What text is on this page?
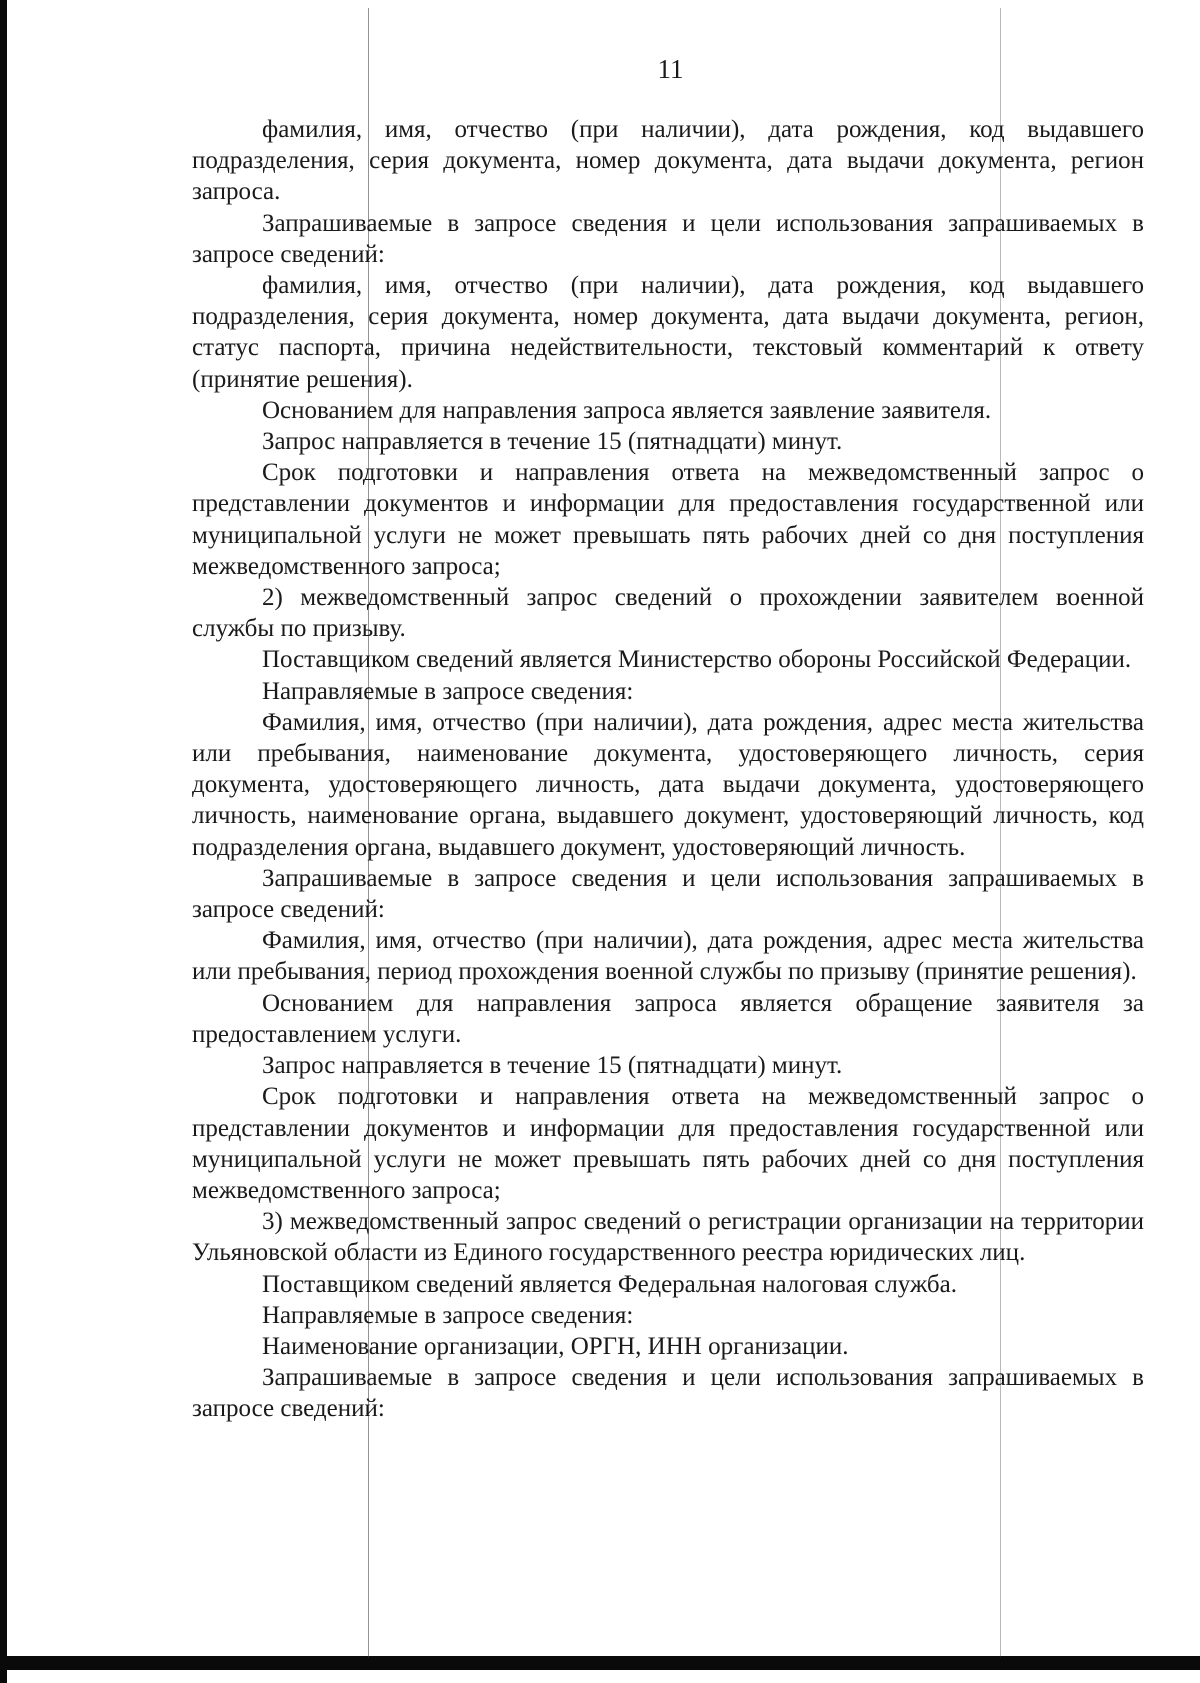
11

фамилия, имя, отчество (при наличии), дата рождения, код выдавшего подразделения, серия документа, номер документа, дата выдачи документа, регион запроса.

Запрашиваемые в запросе сведения и цели использования запрашиваемых в запросе сведений:

фамилия, имя, отчество (при наличии), дата рождения, код выдавшего подразделения, серия документа, номер документа, дата выдачи документа, регион, статус паспорта, причина недействительности, текстовый комментарий к ответу (принятие решения).

Основанием для направления запроса является заявление заявителя.

Запрос направляется в течение 15 (пятнадцати) минут.

Срок подготовки и направления ответа на межведомственный запрос о представлении документов и информации для предоставления государственной или муниципальной услуги не может превышать пять рабочих дней со дня поступления межведомственного запроса;

2) межведомственный запрос сведений о прохождении заявителем военной службы по призыву.

Поставщиком сведений является Министерство обороны Российской Федерации.

Направляемые в запросе сведения:

Фамилия, имя, отчество (при наличии), дата рождения, адрес места жительства или пребывания, наименование документа, удостоверяющего личность, серия документа, удостоверяющего личность, дата выдачи документа, удостоверяющего личность, наименование органа, выдавшего документ, удостоверяющий личность, код подразделения органа, выдавшего документ, удостоверяющий личность.

Запрашиваемые в запросе сведения и цели использования запрашиваемых в запросе сведений:

Фамилия, имя, отчество (при наличии), дата рождения, адрес места жительства или пребывания, период прохождения военной службы по призыву (принятие решения).

Основанием для направления запроса является обращение заявителя за предоставлением услуги.

Запрос направляется в течение 15 (пятнадцати) минут.

Срок подготовки и направления ответа на межведомственный запрос о представлении документов и информации для предоставления государственной или муниципальной услуги не может превышать пять рабочих дней со дня поступления межведомственного запроса;

3) межведомственный запрос сведений о регистрации организации на территории Ульяновской области из Единого государственного реестра юридических лиц.

Поставщиком сведений является Федеральная налоговая служба.

Направляемые в запросе сведения:

Наименование организации, ОРГН, ИНН организации.

Запрашиваемые в запросе сведения и цели использования запрашиваемых в запросе сведений:
